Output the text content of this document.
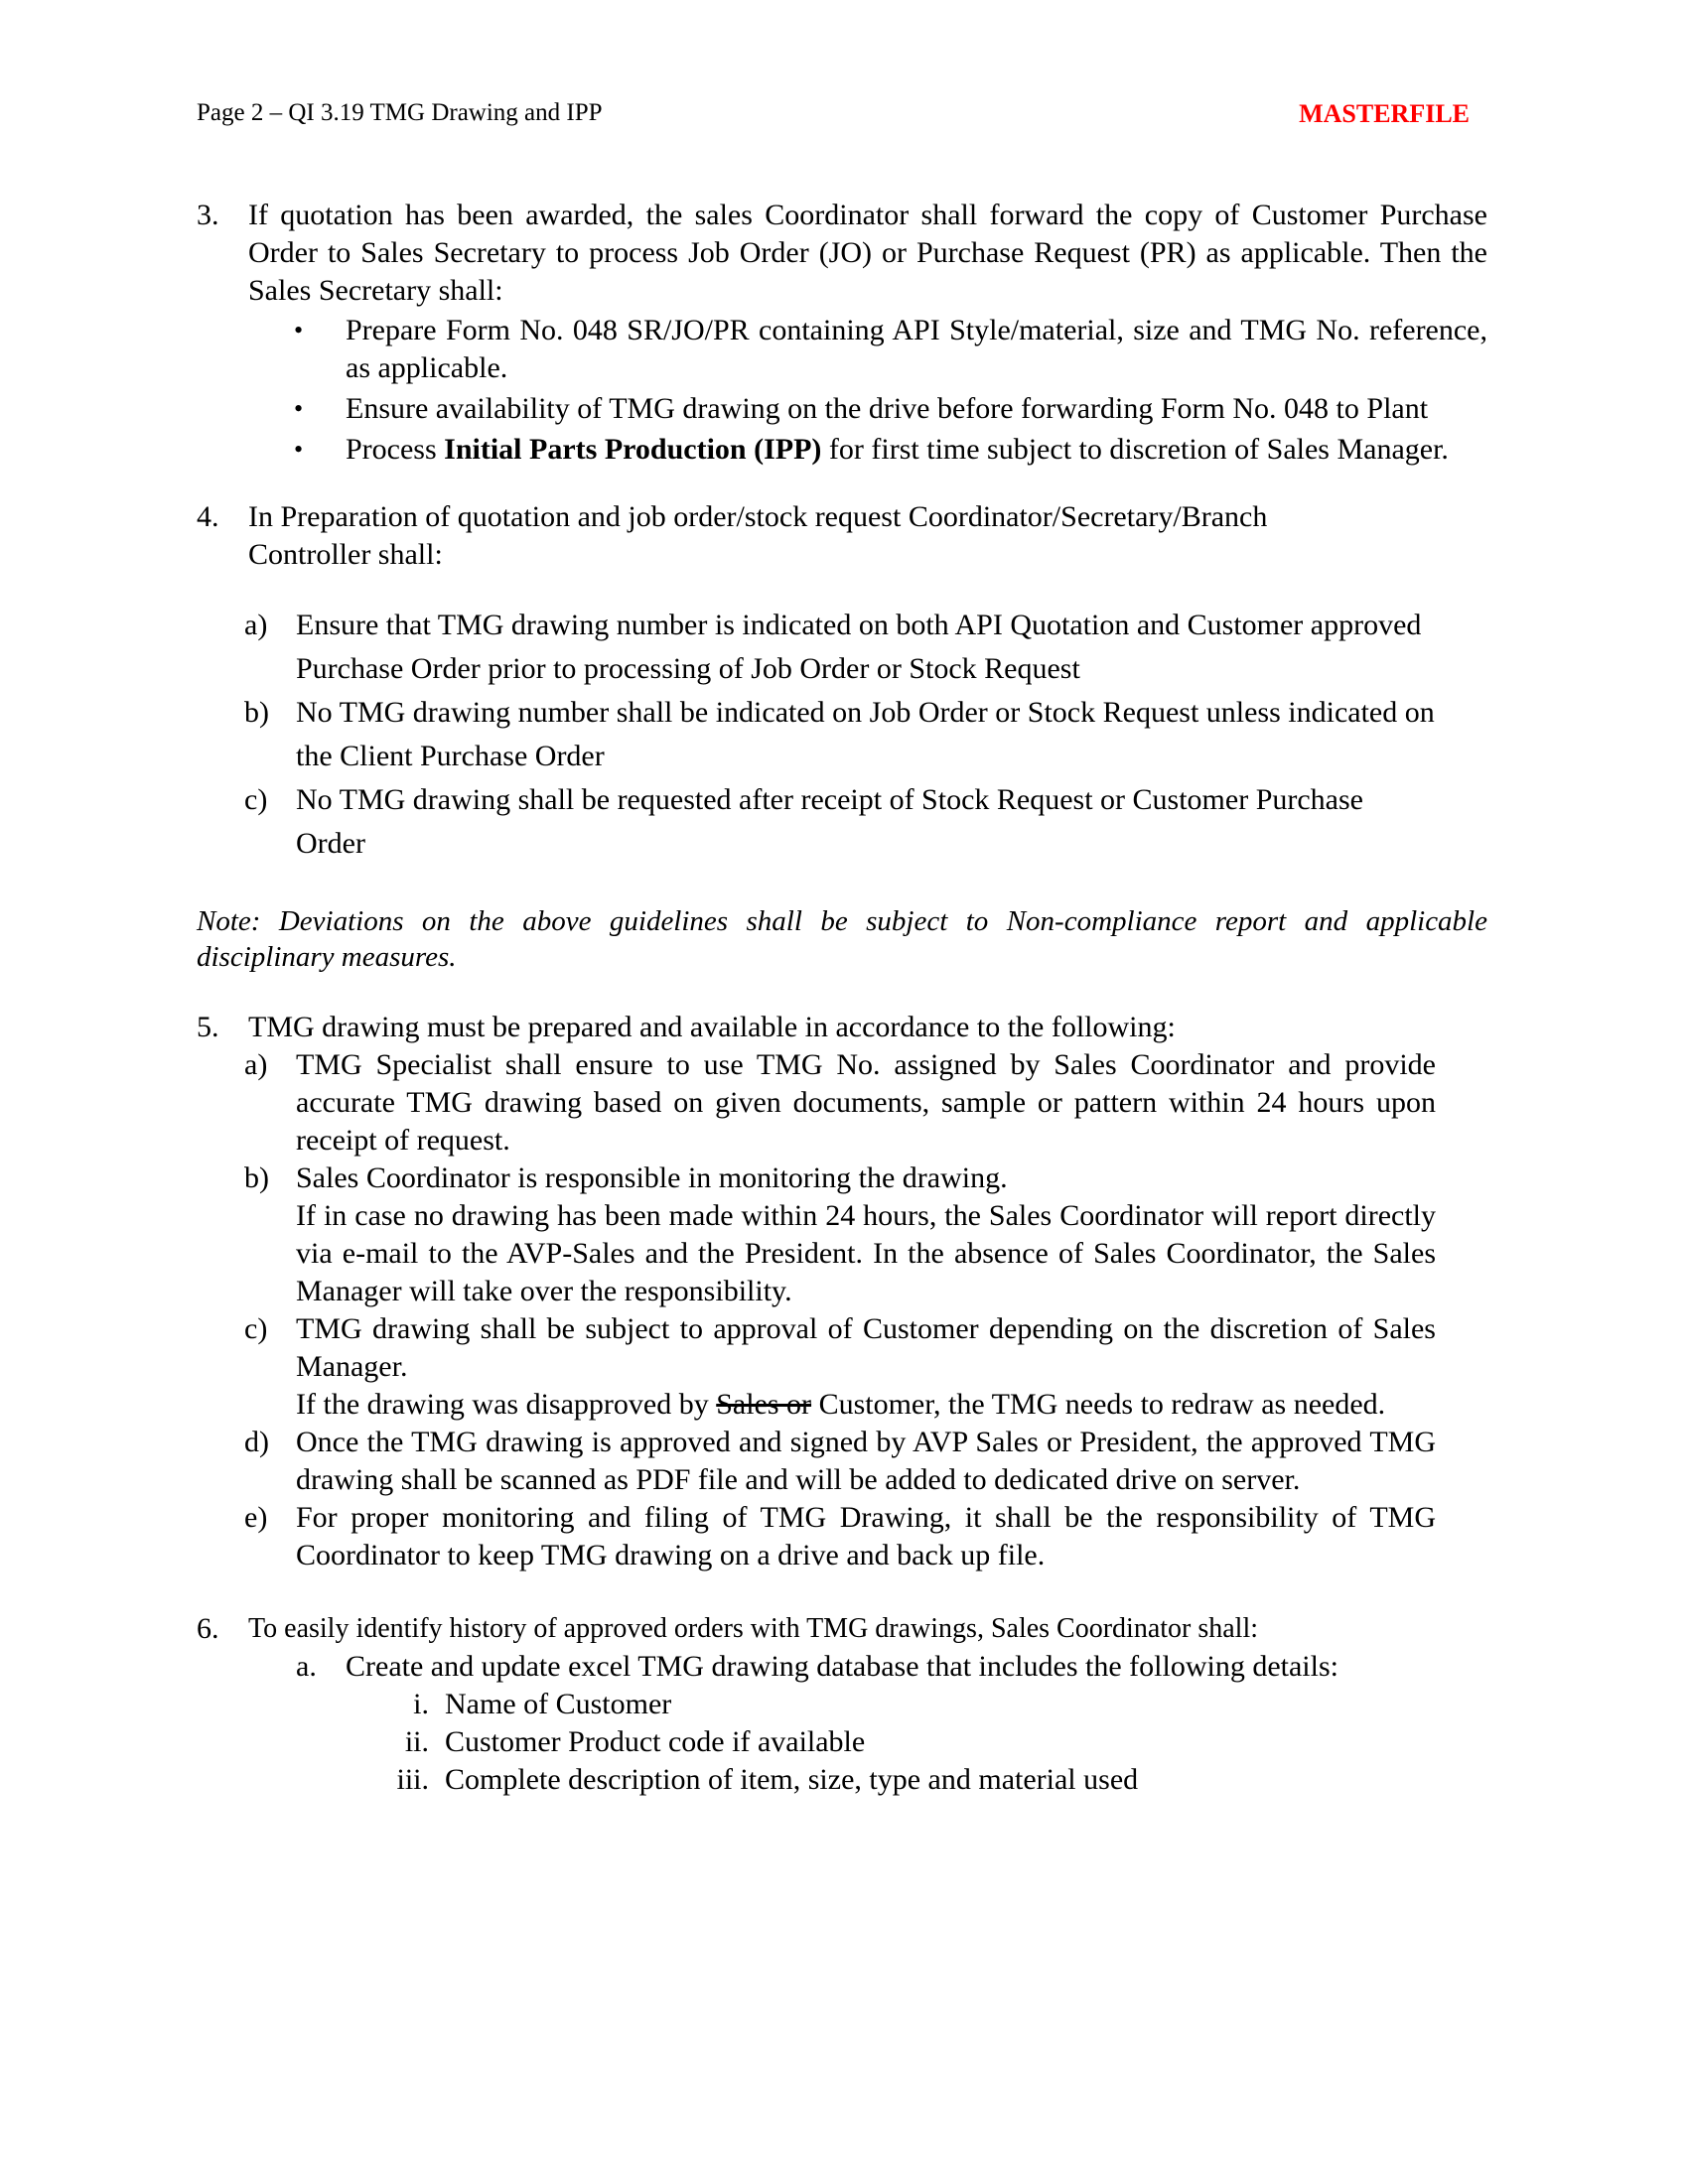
Page 2 – QI 3.19 TMG Drawing and IPP	MASTERFILE
3. If quotation has been awarded, the sales Coordinator shall forward the copy of Customer Purchase Order to Sales Secretary to process Job Order (JO) or Purchase Request (PR) as applicable. Then the Sales Secretary shall:
• Prepare Form No. 048 SR/JO/PR containing API Style/material, size and TMG No. reference, as applicable.
• Ensure availability of TMG drawing on the drive before forwarding Form No. 048 to Plant
• Process Initial Parts Production (IPP) for first time subject to discretion of Sales Manager.
4. In Preparation of quotation and job order/stock request Coordinator/Secretary/Branch
Controller shall:
a) Ensure that TMG drawing number is indicated on both API Quotation and Customer approved Purchase Order prior to processing of Job Order or Stock Request
b) No TMG drawing number shall be indicated on Job Order or Stock Request unless indicated on the Client Purchase Order
c) No TMG drawing shall be requested after receipt of Stock Request or Customer Purchase Order
Note: Deviations on the above guidelines shall be subject to Non-compliance report and applicable disciplinary measures.
5. TMG drawing must be prepared and available in accordance to the following:
a) TMG Specialist shall ensure to use TMG No. assigned by Sales Coordinator and provide accurate TMG drawing based on given documents, sample or pattern within 24 hours upon receipt of request.
b) Sales Coordinator is responsible in monitoring the drawing.
If in case no drawing has been made within 24 hours, the Sales Coordinator will report directly via e-mail to the AVP-Sales and the President. In the absence of Sales Coordinator, the Sales Manager will take over the responsibility.
c) TMG drawing shall be subject to approval of Customer depending on the discretion of Sales Manager.
If the drawing was disapproved by Sales or Customer, the TMG needs to redraw as needed.
d) Once the TMG drawing is approved and signed by AVP Sales or President, the approved TMG drawing shall be scanned as PDF file and will be added to dedicated drive on server.
e) For proper monitoring and filing of TMG Drawing, it shall be the responsibility of TMG Coordinator to keep TMG drawing on a drive and back up file.
6. To easily identify history of approved orders with TMG drawings, Sales Coordinator shall:
a. Create and update excel TMG drawing database that includes the following details:
i. Name of Customer
ii. Customer Product code if available
iii. Complete description of item, size, type and material used
